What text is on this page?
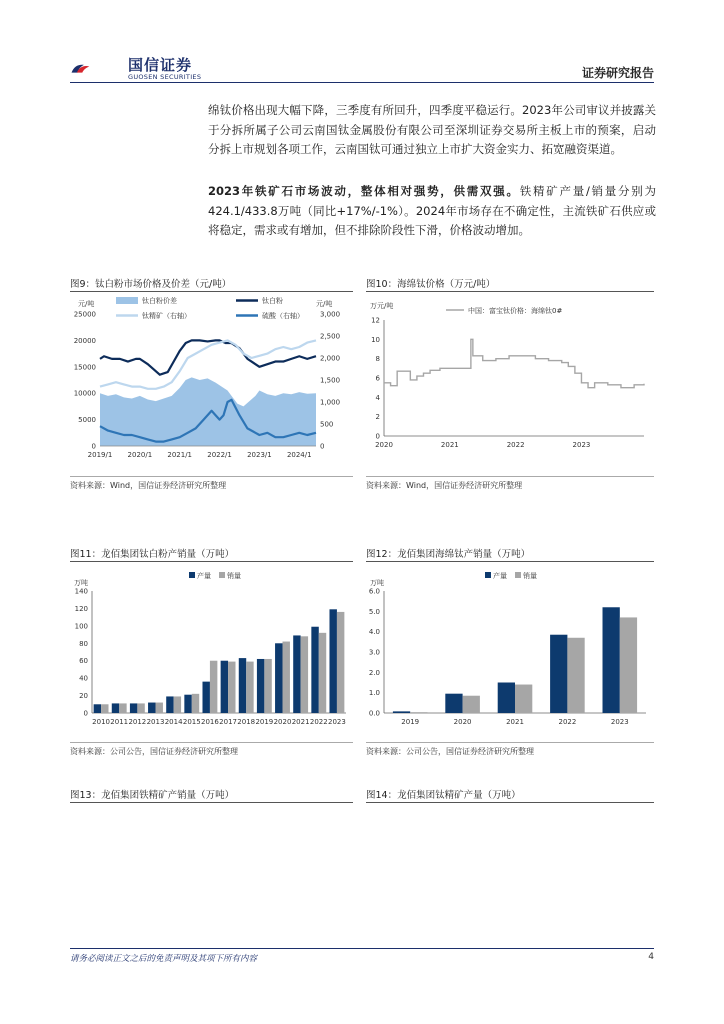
国信证券
GUOSEN SECURITIES	证券研究报告
绵钛价格出现大幅下降，三季度有所回升，四季度平稳运行。2023年公司审议并披露关于分拆所属子公司云南国钛金属股份有限公司至深圳证券交易所主板上市的预案，启动分拆上市规划各项工作，云南国钛可通过独立上市扩大资金实力、拓宽融资渠道。
2023年铁矿石市场波动，整体相对强势，供需双强。铁精矿产量/销量分别为424.1/433.8万吨（同比+17%/-1%）。2024年市场存在不确定性，主流铁矿石供应或将稳定，需求或有增加，但不排除阶段性下滑，价格波动增加。
图9：钛白粉市场价格及价差（元/吨）
元/吨	元/吨
钛白粉价差	钛白粉
钛精矿（右轴）	硫酸（右轴）
0
5000
10000
15000
20000
25000
0
500
1,000
1,500
2,000
2,500
3,000
2019/1 2020/1 2021/1 2022/1 2023/1 2024/1
资料来源：Wind，国信证券经济研究所整理
图10：海绵钛价格（万元/吨）
万元/吨
中国：富宝钛价格：海绵钛0#
0
2
4
6
8
10
12
2020	2021	2022	2023
资料来源：Wind，国信证券经济研究所整理
图11：龙佰集团钛白粉产销量（万吨）
万吨
产量 销量
0
20
40
60
80
100
120
140
2010 2011 2012 2013 2014 2015 2016 2017 2018 2019 2020 2021 2022 2023
资料来源：公司公告，国信证券经济研究所整理
图12：龙佰集团海绵钛产销量（万吨）
万吨
产量 销量
0.0
1.0
2.0
3.0
4.0
5.0
6.0
2019	2020	2021	2022	2023
资料来源：公司公告，国信证券经济研究所整理
图13：龙佰集团铁精矿产销量（万吨）	图14：龙佰集团钛精矿产量（万吨）
请务必阅读正文之后的免责声明及其项下所有内容	4
